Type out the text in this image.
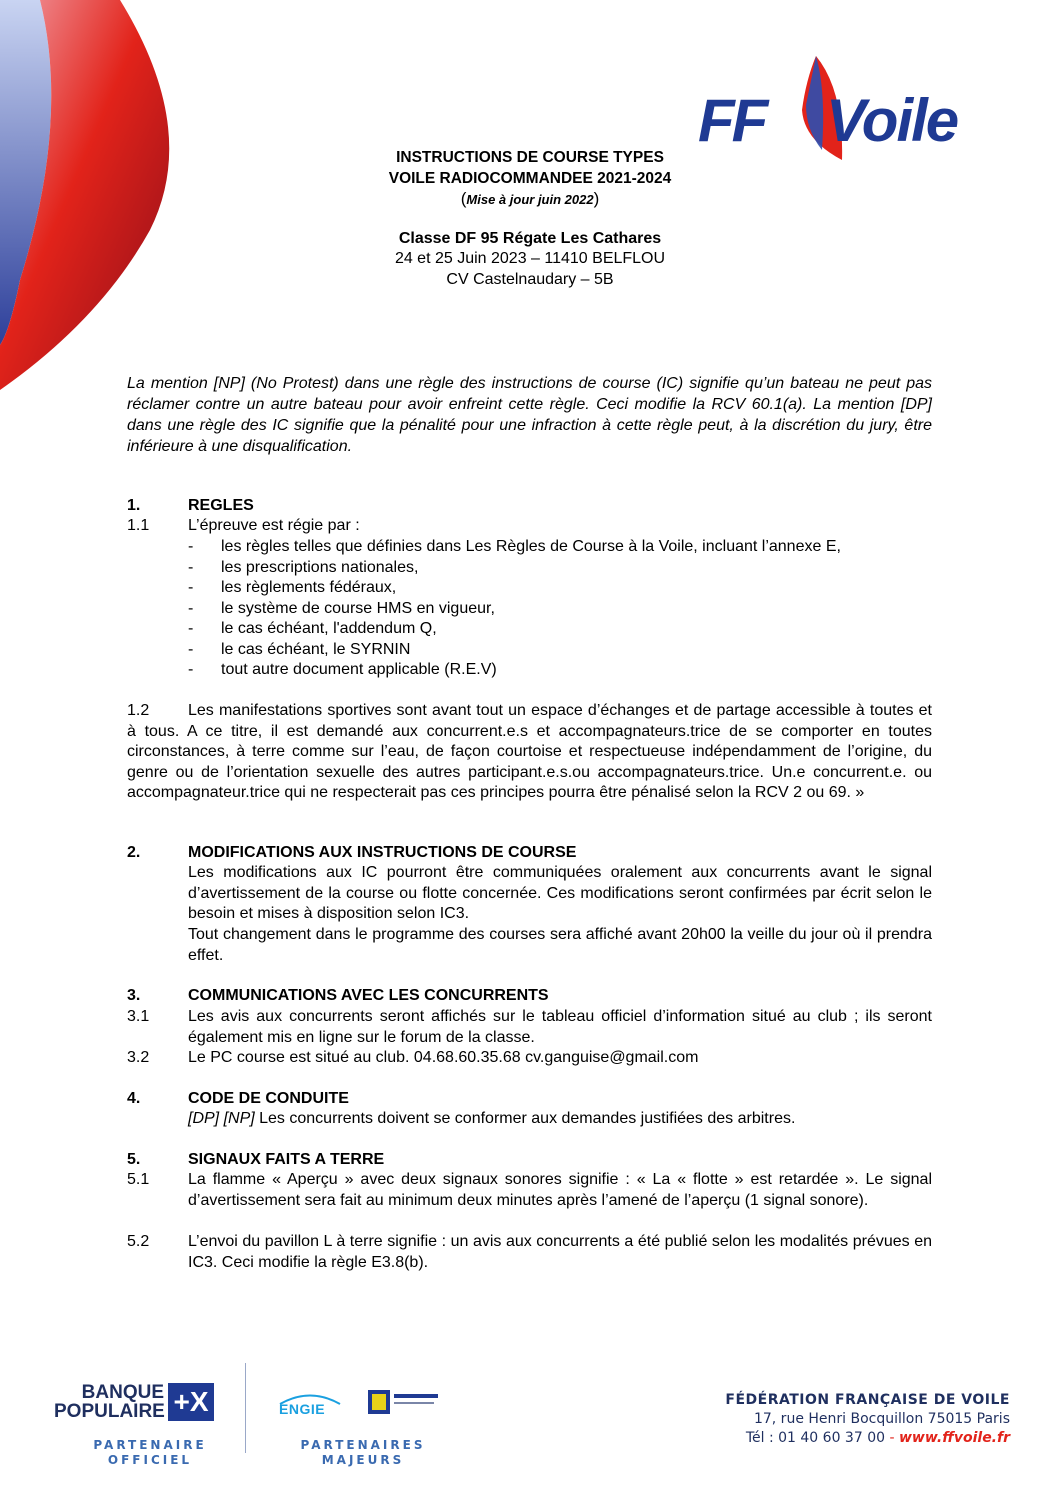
FF Voile
INSTRUCTIONS DE COURSE TYPES
VOILE RADIOCOMMANDEE 2021-2024
(Mise à jour juin 2022)
Classe DF 95 Régate Les Cathares
24 et 25 Juin 2023 – 11410 BELFLOU
CV Castelnaudary – 5B
La mention [NP] (No Protest) dans une règle des instructions de course (IC) signifie qu’un bateau ne peut pas réclamer contre un autre bateau pour avoir enfreint cette règle. Ceci modifie la RCV 60.1(a). La mention [DP] dans une règle des IC signifie que la pénalité pour une infraction à cette règle peut, à la discrétion du jury, être inférieure à une disqualification.
1.	REGLES
1.1 L’épreuve est régie par :
- les règles telles que définies dans Les Règles de Course à la Voile, incluant l’annexe E,
- les prescriptions nationales,
- les règlements fédéraux,
- le système de course HMS en vigueur,
- le cas échéant, l'addendum Q,
- le cas échéant, le SYRNIN
- tout autre document applicable (R.E.V)
1.2 Les manifestations sportives sont avant tout un espace d’échanges et de partage accessible à toutes et à tous. A ce titre, il est demandé aux concurrent.e.s et accompagnateurs.trice de se comporter en toutes circonstances, à terre comme sur l’eau, de façon courtoise et respectueuse indépendamment de l’origine, du genre ou de l’orientation sexuelle des autres participant.e.s.ou accompagnateurs.trice. Un.e concurrent.e. ou accompagnateur.trice qui ne respecterait pas ces principes pourra être pénalisé selon la RCV 2 ou 69. »
2.	MODIFICATIONS AUX INSTRUCTIONS DE COURSE
Les modifications aux IC pourront être communiquées oralement aux concurrents avant le signal d’avertissement de la course ou flotte concernée. Ces modifications seront confirmées par écrit selon le besoin et mises à disposition selon IC3.
Tout changement dans le programme des courses sera affiché avant 20h00 la veille du jour où il prendra effet.
3.	COMMUNICATIONS AVEC LES CONCURRENTS
3.1 Les avis aux concurrents seront affichés sur le tableau officiel d’information situé au club ; ils seront également mis en ligne sur le forum de la classe.
3.2 Le PC course est situé au club. 04.68.60.35.68 cv.ganguise@gmail.com
4.	CODE DE CONDUITE
[DP] [NP] Les concurrents doivent se conformer aux demandes justifiées des arbitres.
5.	SIGNAUX FAITS A TERRE
5.1 La flamme « Aperçu » avec deux signaux sonores signifie : « La « flotte » est retardée ». Le signal d’avertissement sera fait au minimum deux minutes après l’amené de l’aperçu (1 signal sonore).
5.2 L’envoi du pavillon L à terre signifie : un avis aux concurrents a été publié selon les modalités prévues en IC3. Ceci modifie la règle E3.8(b).
BANQUE
POPULAIRE +X
PARTENAIRE
OFFICIEL
ENGIE
PARTENAIRES
MAJEURS
FÉDÉRATION FRANÇAISE DE VOILE
17, rue Henri Bocquillon 75015 Paris
Tél : 01 40 60 37 00 - www.ffvoile.fr
